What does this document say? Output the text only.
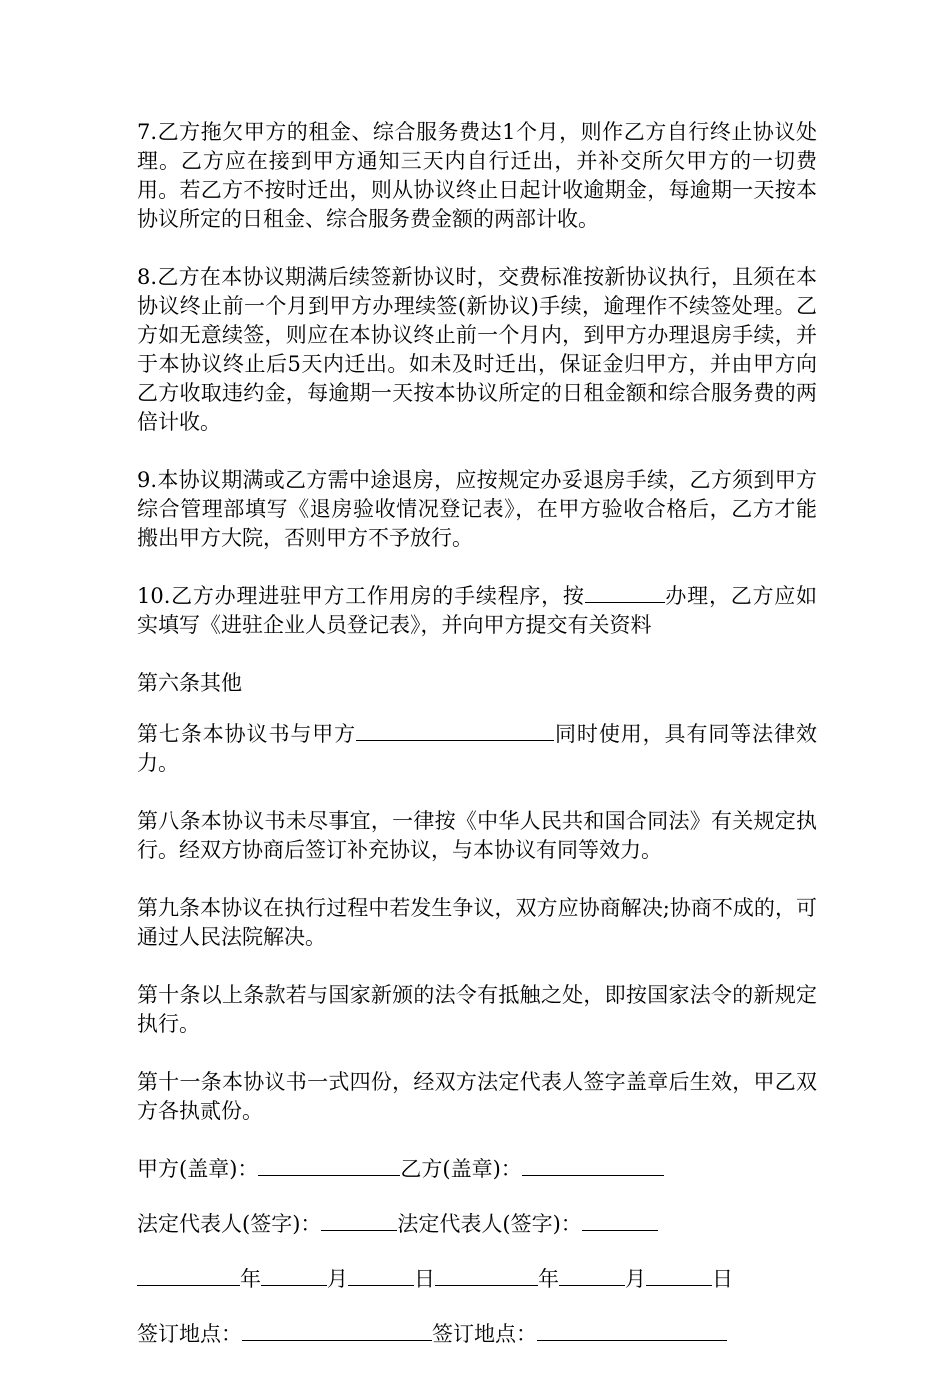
7.乙方拖欠甲方的租金、综合服务费达1个月，则作乙方自行终止协议处理。乙方应在接到甲方通知三天内自行迁出，并补交所欠甲方的一切费用。若乙方不按时迁出，则从协议终止日起计收逾期金，每逾期一天按本协议所定的日租金、综合服务费金额的两部计收。

8.乙方在本协议期满后续签新协议时，交费标准按新协议执行，且须在本协议终止前一个月到甲方办理续签(新协议)手续，逾理作不续签处理。乙方如无意续签，则应在本协议终止前一个月内，到甲方办理退房手续，并于本协议终止后5天内迁出。如未及时迁出，保证金归甲方，并由甲方向乙方收取违约金，每逾期一天按本协议所定的日租金额和综合服务费的两倍计收。

9.本协议期满或乙方需中途退房，应按规定办妥退房手续，乙方须到甲方综合管理部填写《退房验收情况登记表》，在甲方验收合格后，乙方才能搬出甲方大院，否则甲方不予放行。

10.乙方办理进驻甲方工作用房的手续程序，按	办理，乙方应如实填写《进驻企业人员登记表》，并向甲方提交有关资料

第六条其他

第七条本协议书与甲方	同时使用，具有同等法律效力。

第八条本协议书未尽事宜，一律按《中华人民共和国合同法》有关规定执行。经双方协商后签订补充协议，与本协议有同等效力。

第九条本协议在执行过程中若发生争议，双方应协商解决;协商不成的，可通过人民法院解决。

第十条以上条款若与国家新颁的法令有抵触之处，即按国家法令的新规定执行。

第十一条本协议书一式四份，经双方法定代表人签字盖章后生效，甲乙双方各执贰份。

甲方(盖章)：	乙方(盖章)：
法定代表人(签字)：	法定代表人(签字)：
年	月	日	年	月	日
签订地点：	签订地点：
